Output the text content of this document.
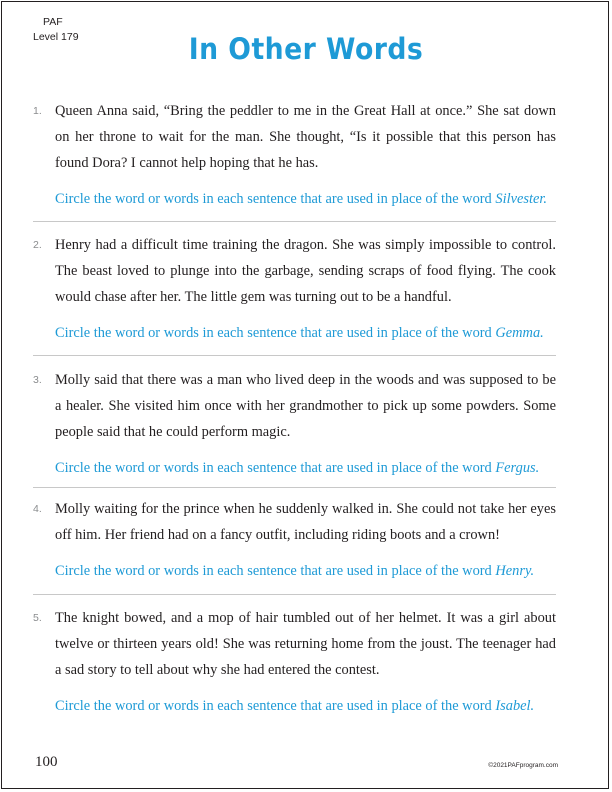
PAF
Level 179	In Other Words
1. Queen Anna said, “Bring the peddler to me in the Great Hall at once.” She sat down on her throne to wait for the man. She thought, “Is it possible that this person has found Dora? I cannot help hoping that he has.
Circle the word or words in each sentence that are used in place of the word Silvester.
2. Henry had a difficult time training the dragon. She was simply impossible to control. The beast loved to plunge into the garbage, sending scraps of food flying. The cook would chase after her. The little gem was turning out to be a handful.
Circle the word or words in each sentence that are used in place of the word Gemma.
3. Molly said that there was a man who lived deep in the woods and was supposed to be a healer. She visited him once with her grandmother to pick up some powders. Some people said that he could perform magic.
Circle the word or words in each sentence that are used in place of the word Fergus.
4. Molly waiting for the prince when he suddenly walked in. She could not take her eyes off him. Her friend had on a fancy outfit, including riding boots and a crown!
Circle the word or words in each sentence that are used in place of the word Henry.
5. The knight bowed, and a mop of hair tumbled out of her helmet. It was a girl about twelve or thirteen years old! She was returning home from the joust. The teenager had a sad story to tell about why she had entered the contest.
Circle the word or words in each sentence that are used in place of the word Isabel.
100	©2021PAFprogram.com
